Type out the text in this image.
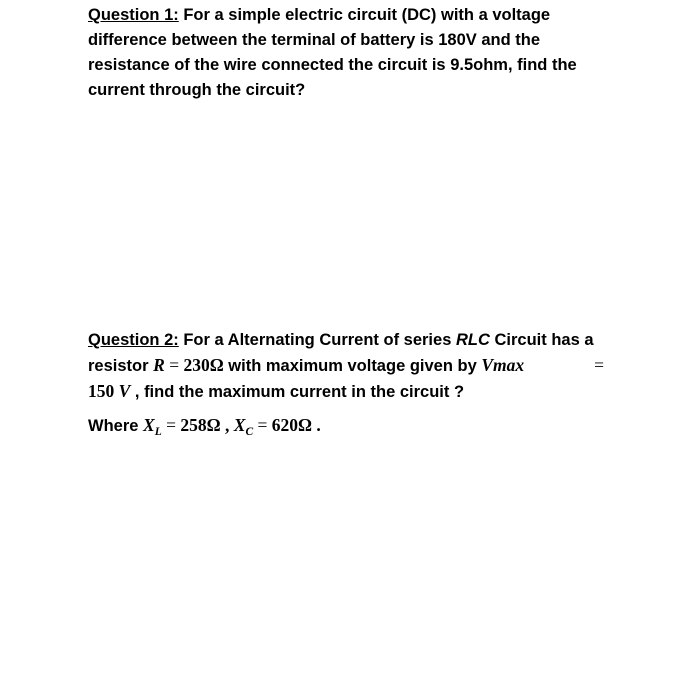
Question 1: For a simple electric circuit (DC) with a voltage
difference between the terminal of battery is 180V and the
resistance of the wire connected the circuit is 9.5ohm, find the
current through the circuit?
Question 2: For a Alternating Current of series RLC Circuit has a
resistor R = 230Ω with maximum voltage given by Vmax	=
150 V , find the maximum current in the circuit ?
Where $X_L = 258\Omega$ , $X_C = 620\Omega$ .
